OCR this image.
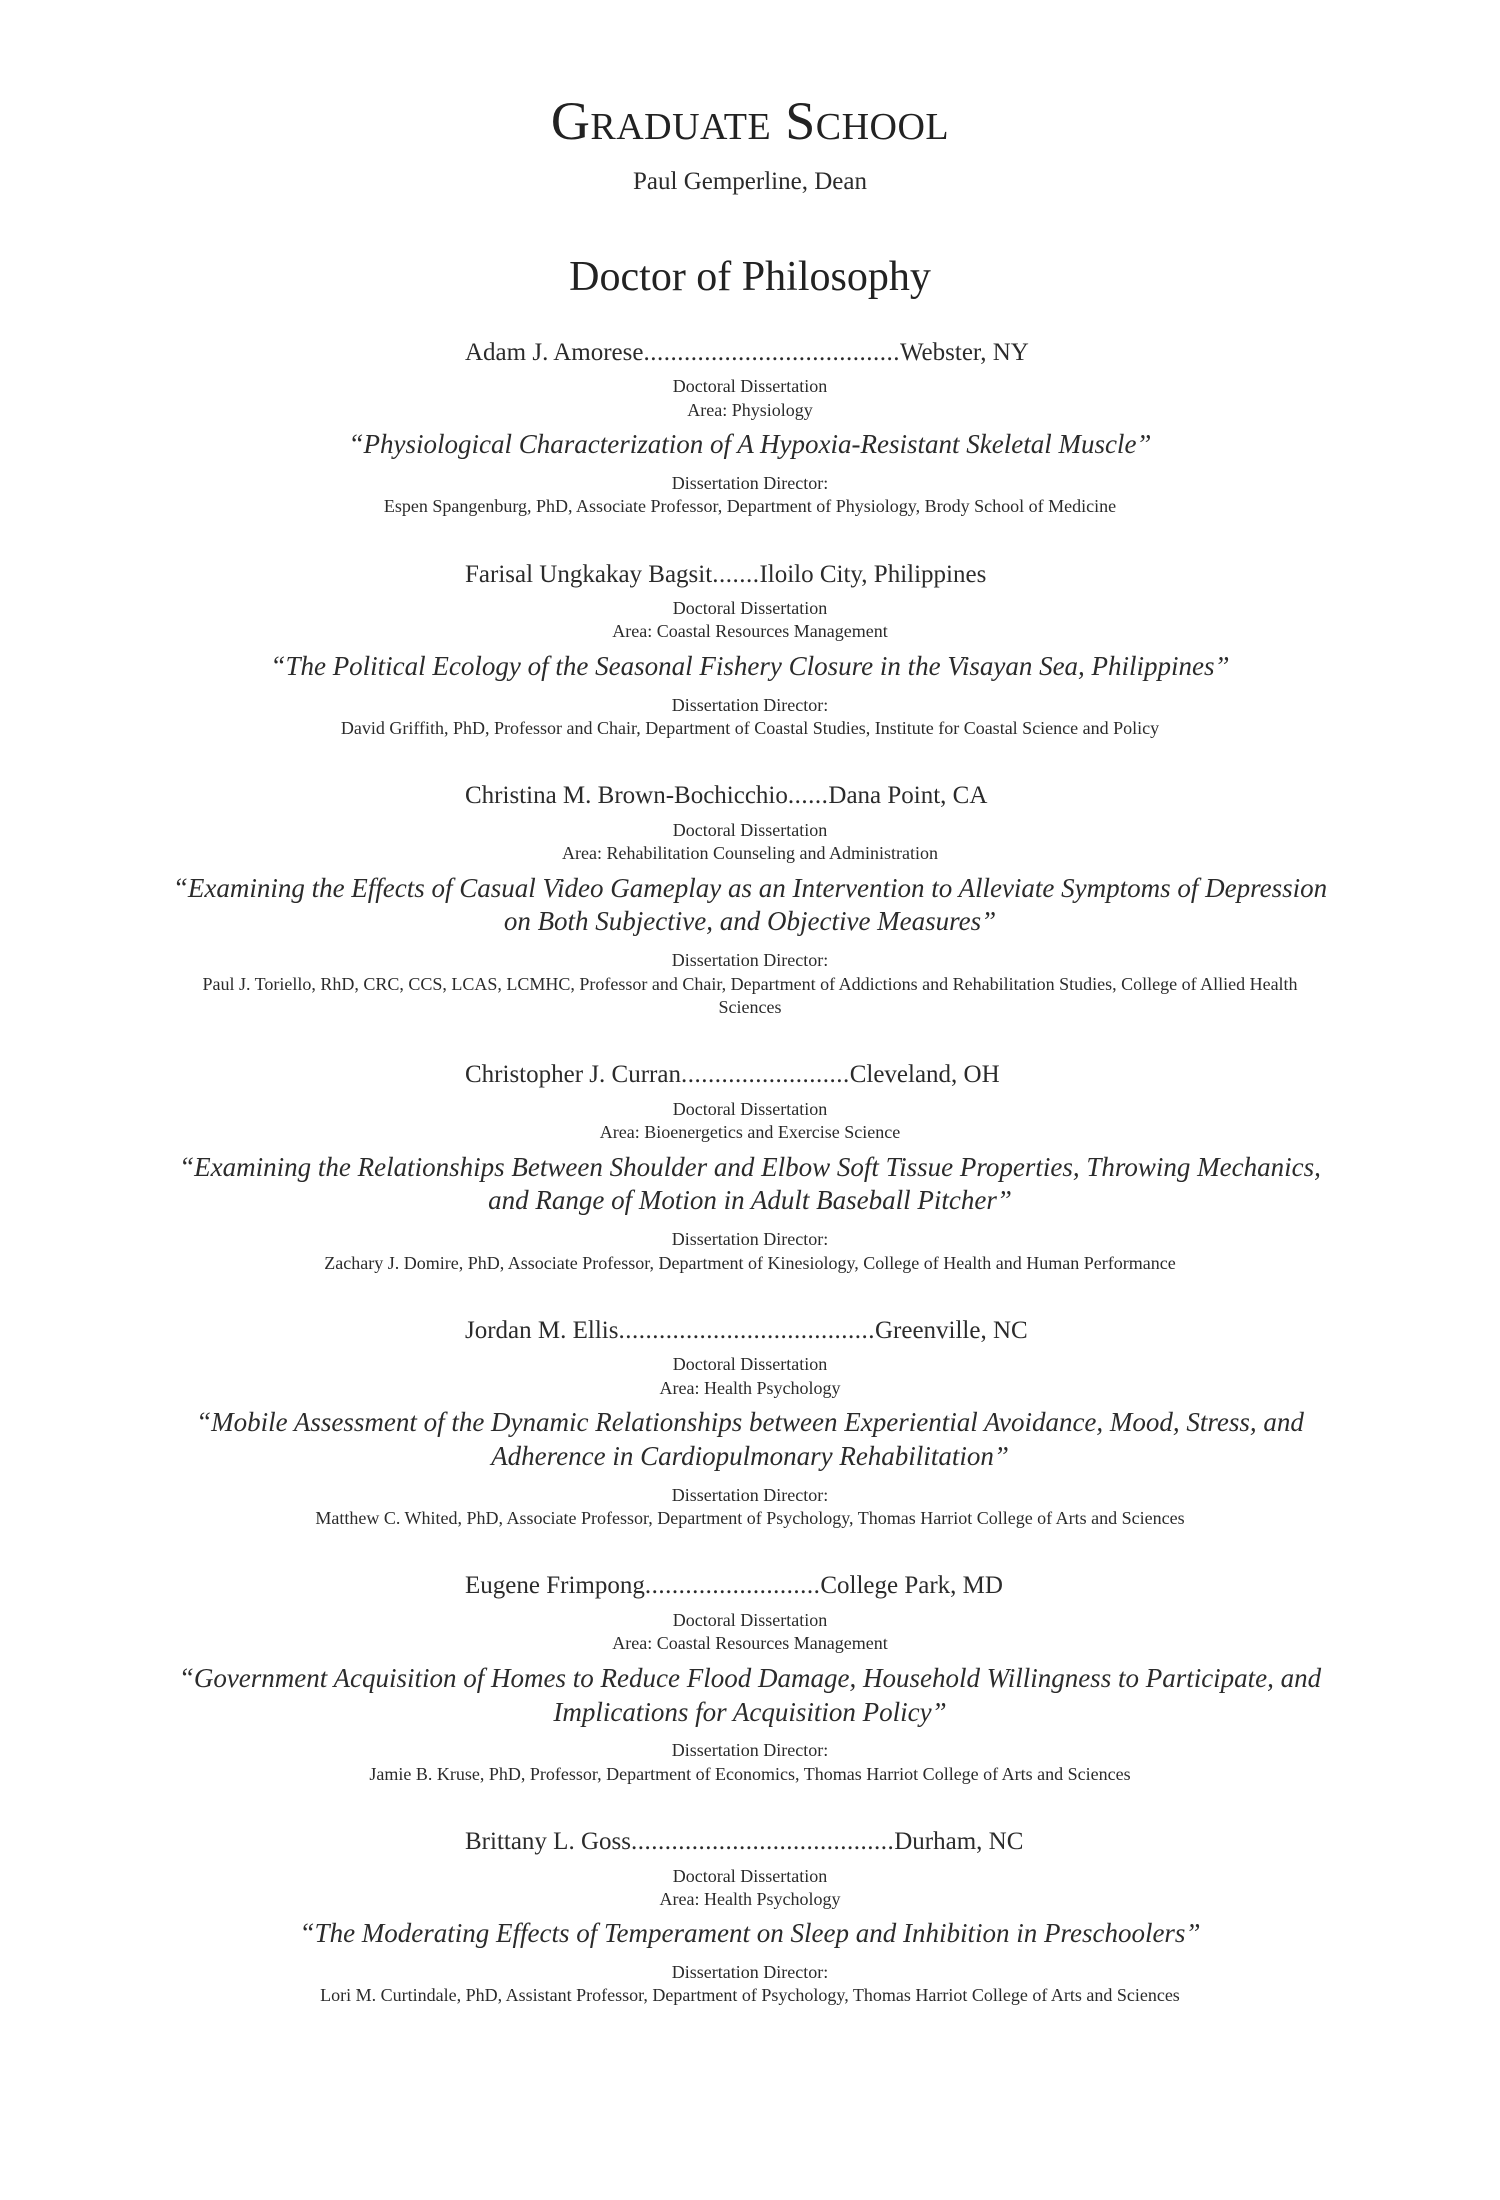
Graduate School
Paul Gemperline, Dean
Doctor of Philosophy
Adam J. Amorese ...................................... Webster, NY
Doctoral Dissertation
Area: Physiology
“Physiological Characterization of A Hypoxia-Resistant Skeletal Muscle”
Dissertation Director:
Espen Spangenburg, PhD, Associate Professor, Department of Physiology, Brody School of Medicine
Farisal Ungkakay Bagsit ....... Iloilo City, Philippines
Doctoral Dissertation
Area: Coastal Resources Management
“The Political Ecology of the Seasonal Fishery Closure in the Visayan Sea, Philippines”
Dissertation Director:
David Griffith, PhD, Professor and Chair, Department of Coastal Studies, Institute for Coastal Science and Policy
Christina M. Brown-Bochicchio ...... Dana Point, CA
Doctoral Dissertation
Area: Rehabilitation Counseling and Administration
“Examining the Effects of Casual Video Gameplay as an Intervention to Alleviate Symptoms of Depression on Both Subjective, and Objective Measures”
Dissertation Director:
Paul J. Toriello, RhD, CRC, CCS, LCAS, LCMHC, Professor and Chair, Department of Addictions and Rehabilitation Studies, College of Allied Health Sciences
Christopher J. Curran ......................... Cleveland, OH
Doctoral Dissertation
Area: Bioenergetics and Exercise Science
“Examining the Relationships Between Shoulder and Elbow Soft Tissue Properties, Throwing Mechanics, and Range of Motion in Adult Baseball Pitcher”
Dissertation Director:
Zachary J. Domire, PhD, Associate Professor, Department of Kinesiology, College of Health and Human Performance
Jordan M. Ellis ...................................... Greenville, NC
Doctoral Dissertation
Area: Health Psychology
“Mobile Assessment of the Dynamic Relationships between Experiential Avoidance, Mood, Stress, and Adherence in Cardiopulmonary Rehabilitation”
Dissertation Director:
Matthew C. Whited, PhD, Associate Professor, Department of Psychology, Thomas Harriot College of Arts and Sciences
Eugene Frimpong .......................... College Park, MD
Doctoral Dissertation
Area: Coastal Resources Management
“Government Acquisition of Homes to Reduce Flood Damage, Household Willingness to Participate, and Implications for Acquisition Policy”
Dissertation Director:
Jamie B. Kruse, PhD, Professor, Department of Economics, Thomas Harriot College of Arts and Sciences
Brittany L. Goss ....................................... Durham, NC
Doctoral Dissertation
Area: Health Psychology
“The Moderating Effects of Temperament on Sleep and Inhibition in Preschoolers”
Dissertation Director:
Lori M. Curtindale, PhD, Assistant Professor, Department of Psychology, Thomas Harriot College of Arts and Sciences
